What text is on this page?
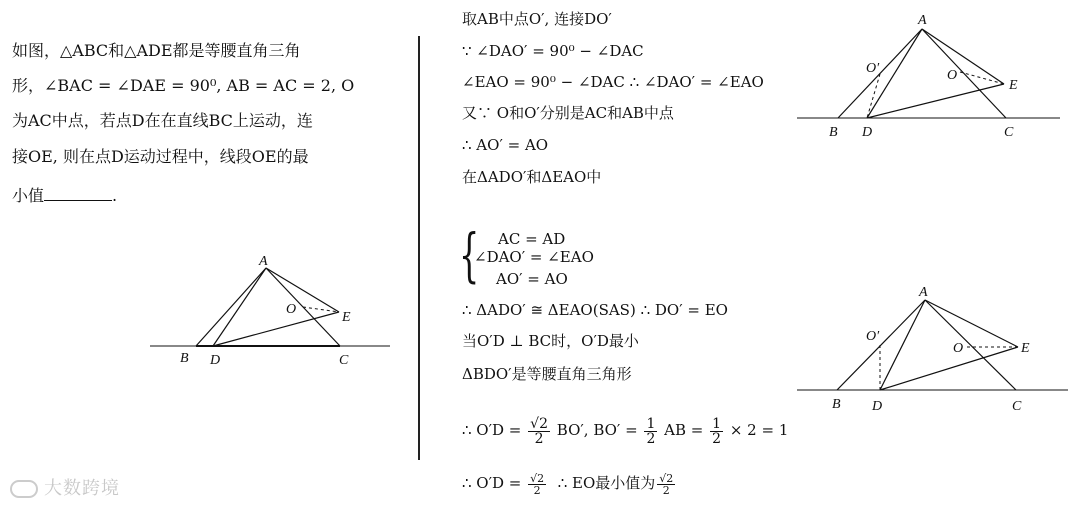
如图，△ABC和△ADE都是等腰直角三角
形，∠BAC = ∠DAE = 90⁰, AB = AC = 2, O
为AC中点，若点D在在直线BC上运动，连
接OE, 则在点D运动过程中，线段OE的最
小值	.
A
B D	C
E
O
取AB中点O′, 连接DO′
∵ ∠DAO′ = 90⁰ − ∠DAC
∠EAO = 90⁰ − ∠DAC ∴ ∠DAO′ = ∠EAO
又∵ O和O′分别是AC和AB中点
∴ AO′ = AO
在ΔADO′和ΔEAO中
{ AC = AD
∠DAO′ = ∠EAO
AO′ = AO
∴ ΔADO′ ≅ ΔEAO(SAS) ∴ DO′ = EO
当O′D ⊥ BC时，O′D最小
ΔBDO′是等腰直角三角形
∴ $O'D = \frac{√2}{2} BO'$, $BO' = \frac{1}{2}$ AB = $\frac{1}{2} \times 2 = 1$
∴ $O'D = \frac{√2}{2}$ ∴ EO最小值为 $\frac{√2}{2}$
A
B D	C
E
O
O′
A
B D	C
E
O
O′
大数跨境
